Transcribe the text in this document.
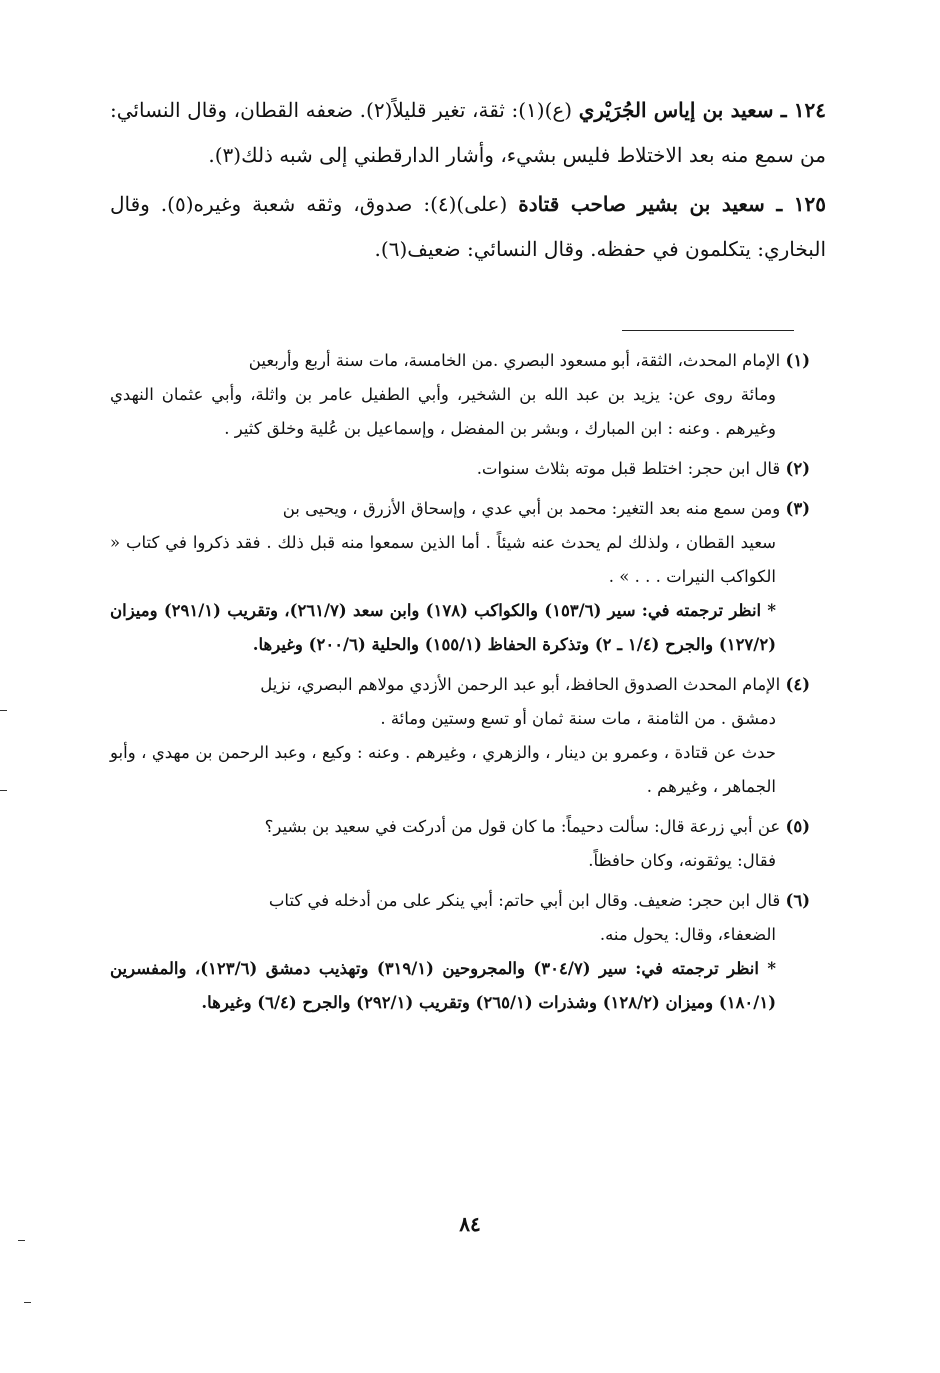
١٢٤ ـ سعيد بن إياس الجُرَيْري (ع)(١): ثقة، تغير قليلاً(٢). ضعفه القطان، وقال النسائي: من سمع منه بعد الاختلاط فليس بشيء، وأشار الدارقطني إلى شبه ذلك(٣).

١٢٥ ـ سعيد بن بشير صاحب قتادة (على)(٤): صدوق، وثقه شعبة وغيره(٥). وقال البخاري: يتكلمون في حفظه. وقال النسائي: ضعيف(٦).

(١) الإمام المحدث، الثقة، أبو مسعود البصري .من الخامسة، مات سنة أربع وأربعين
ومائة روى عن: يزيد بن عبد الله بن الشخير، وأبي الطفيل عامر بن واثلة، وأبي عثمان النهدي وغيرهم . وعنه : ابن المبارك ، وبشر بن المفضل ، وإسماعيل بن عُلية وخلق كثير .
(٢) قال ابن حجر: اختلط قبل موته بثلاث سنوات.
(٣) ومن سمع منه بعد التغير: محمد بن أبي عدي ، وإسحاق الأزرق ، ويحيى بن
سعيد القطان ، ولذلك لم يحدث عنه شيئاً . أما الذين سمعوا منه قبل ذلك . فقد ذكروا في كتاب « الكواكب النيرات . . . » .
* انظر ترجمته في: سير (١٥٣/٦) والكواكب (١٧٨) وابن سعد (٢٦١/٧)، وتقريب (٢٩١/١) وميزان (١٢٧/٢) والجرح (١/٤ ـ ٢) وتذكرة الحفاظ (١٥٥/١) والحلية (٢٠٠/٦) وغيرها.
(٤) الإمام المحدث الصدوق الحافظ، أبو عبد الرحمن الأزدي مولاهم البصري، نزيل
دمشق . من الثامنة ، مات سنة ثمان أو تسع وستين ومائة .
حدث عن قتادة ، وعمرو بن دينار ، والزهري ، وغيرهم . وعنه : وكيع ، وعبد الرحمن بن مهدي ، وأبو الجماهر ، وغيرهم .
(٥) عن أبي زرعة قال: سألت دحيماً: ما كان قول من أدركت في سعيد بن بشير؟
فقال: يوثقونه، وكان حافظاً.
(٦) قال ابن حجر: ضعيف. وقال ابن أبي حاتم: أبي ينكر على من أدخله في كتاب
الضعفاء، وقال: يحول منه.
* انظر ترجمته في: سير (٣٠٤/٧) والمجروحين (٣١٩/١) وتهذيب دمشق (١٢٣/٦)، والمفسرين (١٨٠/١) وميزان (١٢٨/٢) وشذرات (٢٦٥/١) وتقريب (٢٩٢/١) والجرح (٦/٤) وغيرها.
٨٤
